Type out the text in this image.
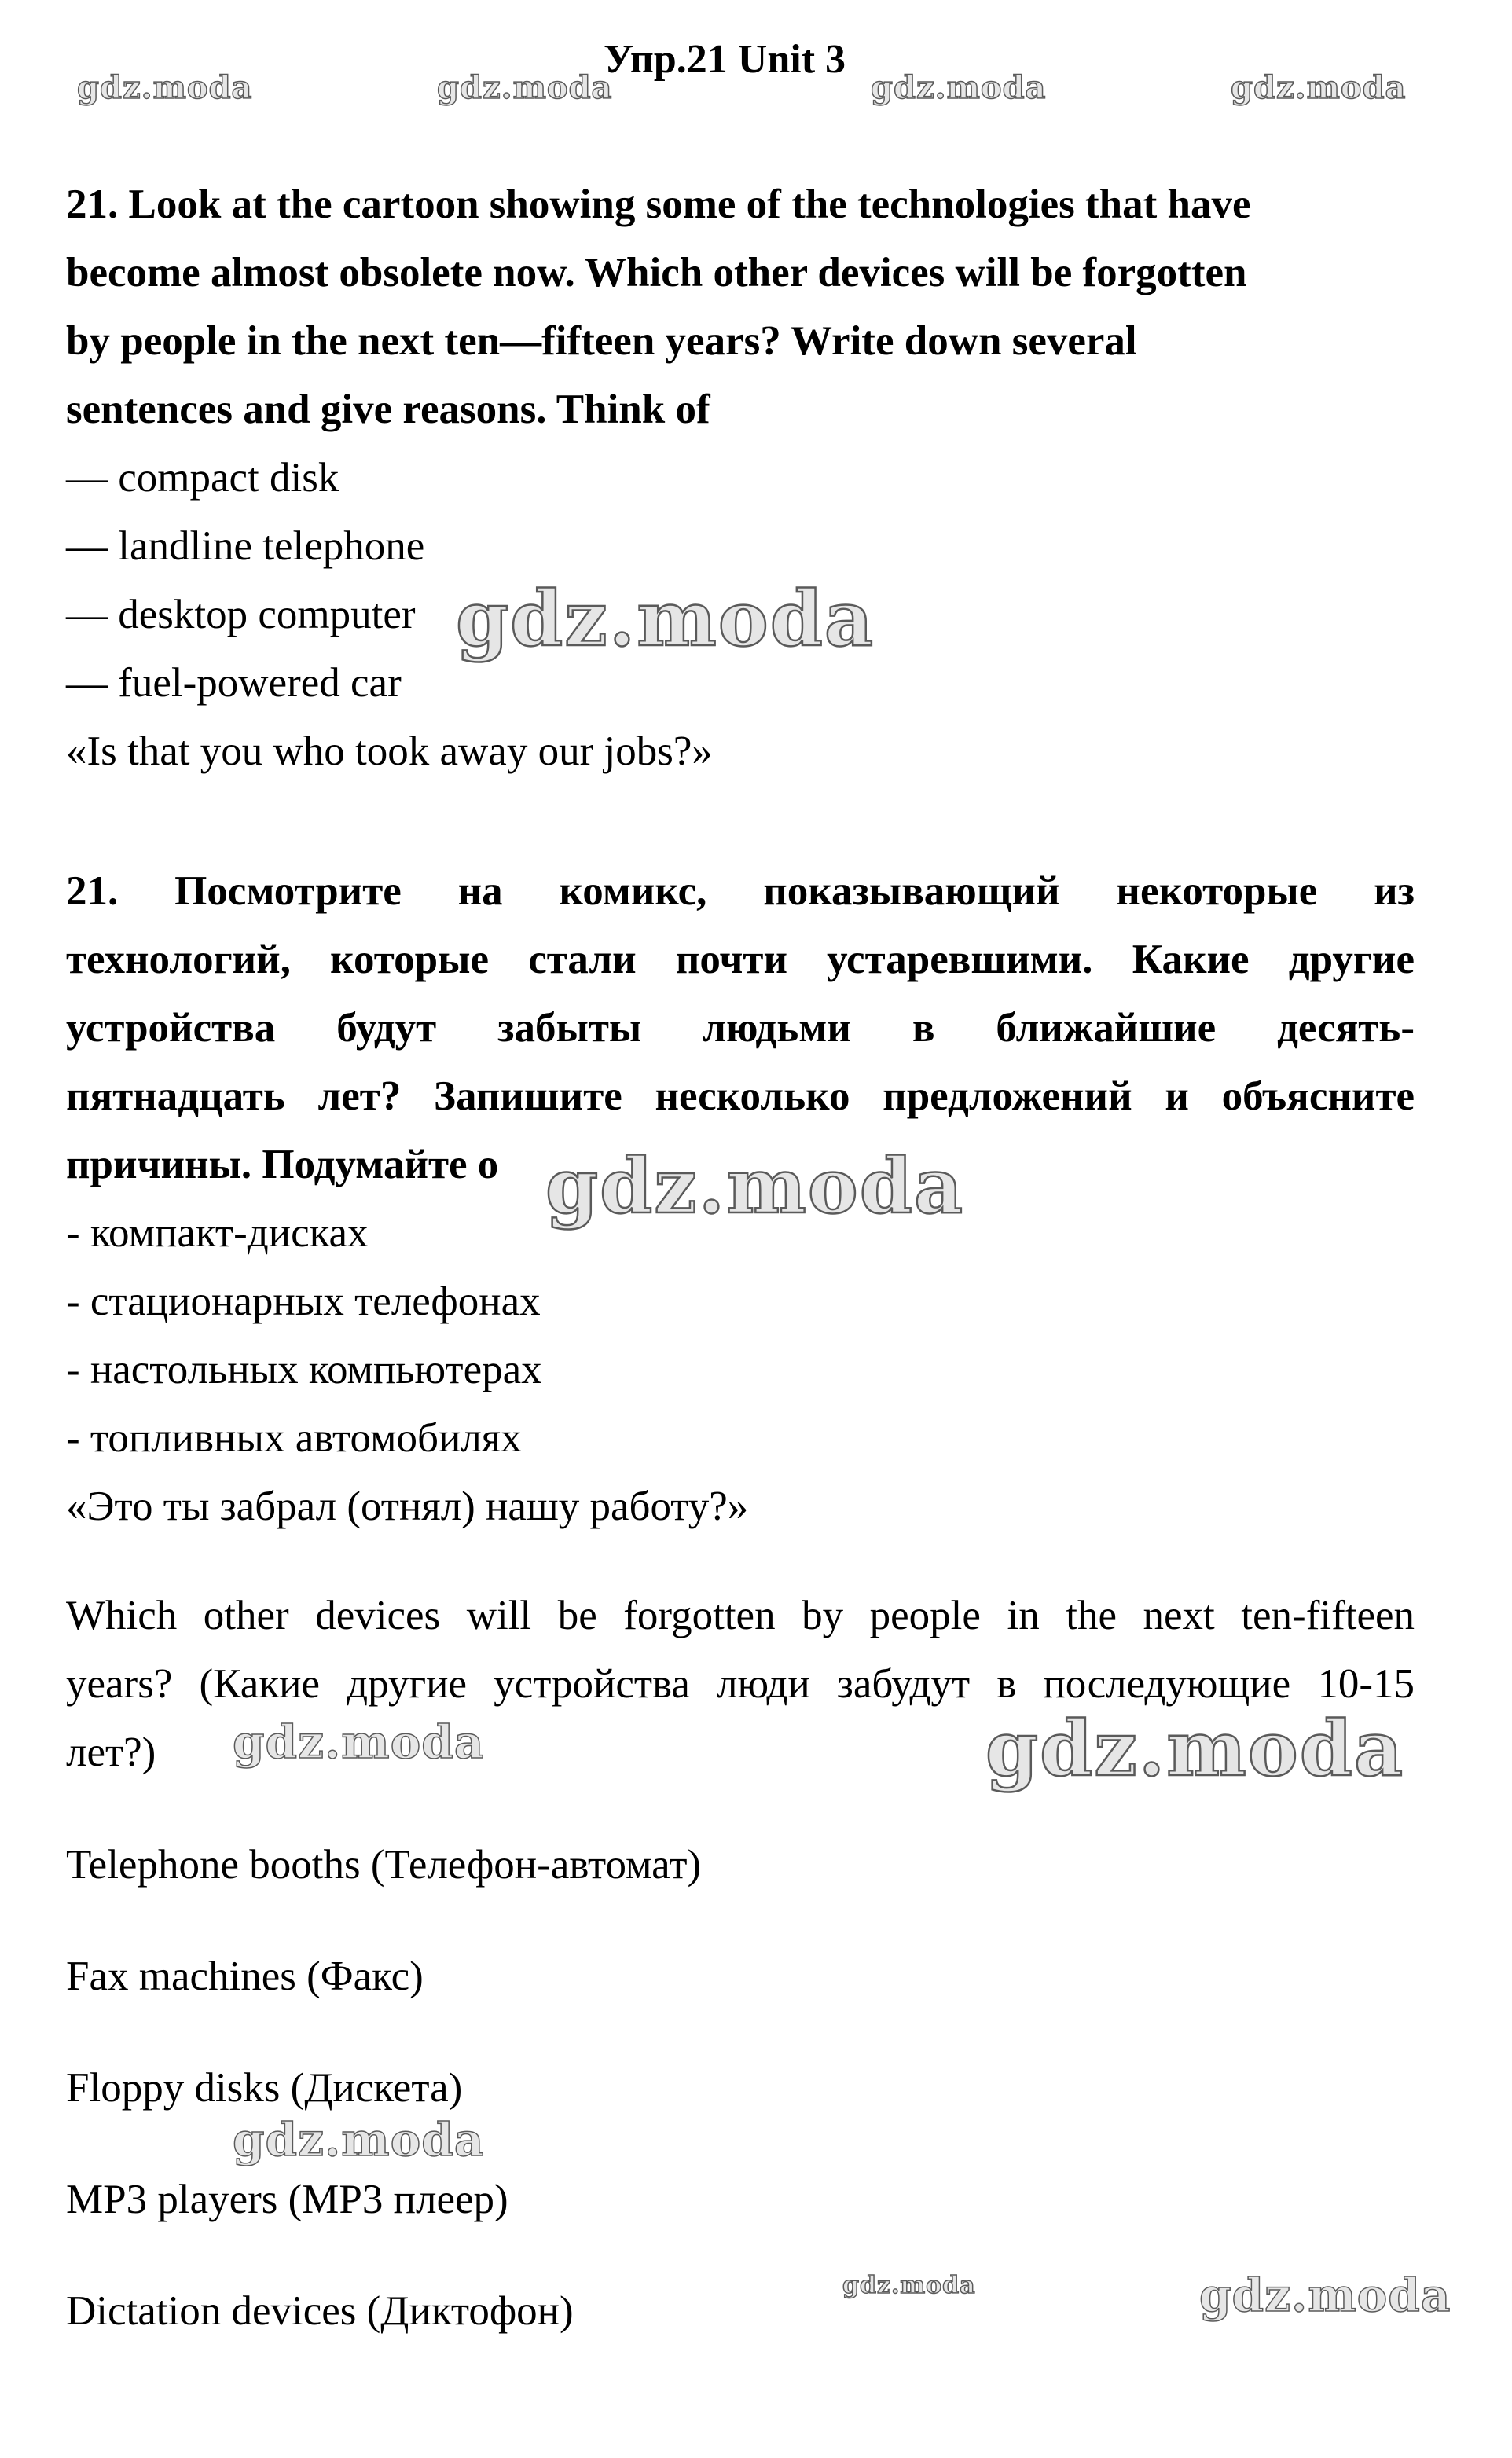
Упр.21 Unit 3
gdz.moda	gdz.moda	gdz.moda	gdz.moda
gdz.moda
gdz.moda
gdz.moda	gdz.moda
gdz.moda
gdz.moda	gdz.moda
21. Look at the cartoon showing some of the technologies that have
become almost obsolete now. Which other devices will be forgotten
by people in the next ten—fifteen years? Write down several
sentences and give reasons. Think of
— compact disk
— landline telephone
— desktop computer
— fuel-powered car
«Is that you who took away our jobs?»
21. Посмотрите на комикс, показывающий некоторые из
технологий, которые стали почти устаревшими. Какие другие
устройства будут забыты людьми в ближайшие десять-
пятнадцать лет? Запишите несколько предложений и объясните
причины. Подумайте о
- компакт-дисках
- стационарных телефонах
- настольных компьютерах
- топливных автомобилях
«Это ты забрал (отнял) нашу работу?»
Which other devices will be forgotten by people in the next ten-fifteen
years? (Какие другие устройства люди забудут в последующие 10-15
лет?)
Telephone booths (Телефон-автомат)
Fax machines (Факс)
Floppy disks (Дискета)
MP3 players (MP3 плеер)
Dictation devices (Диктофон)
